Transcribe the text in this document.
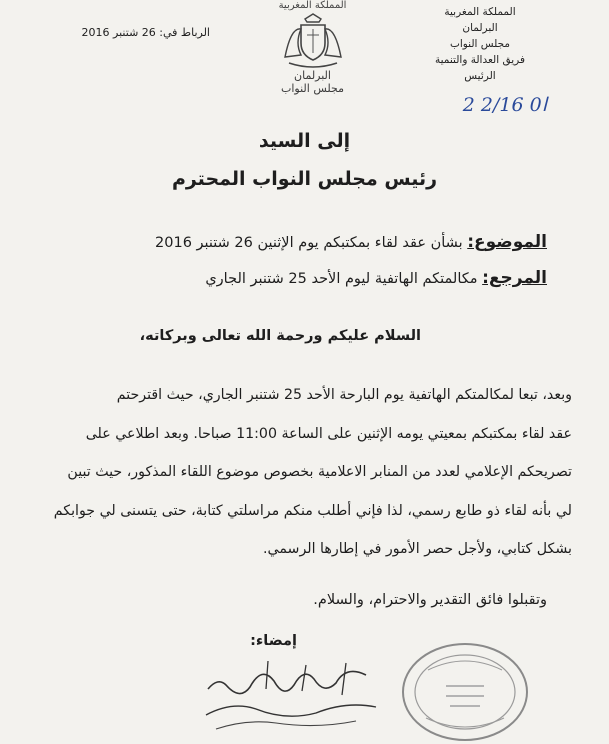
الرباط في: 26 شتنبر 2016
المملكة المغربية
البرلمان
مجلس النواب
المملكة المغربية
البرلمان
مجلس النواب
فريق العدالة والتنمية
الرئيس
2 ا0 2/16
إلى السيد
رئيس مجلس النواب المحترم
الموضوع: بشأن عقد لقاء بمكتبكم يوم الإثنين 26 شتنبر 2016
المرجع: مكالمتكم الهاتفية ليوم الأحد 25 شتنبر الجاري
السلام عليكم ورحمة الله تعالى وبركاته،
وبعد، تبعا لمكالمتكم الهاتفية يوم البارحة الأحد 25 شتنبر الجاري، حيث اقترحتم
عقد لقاء بمكتبكم بمعيتي يومه الإثنين على الساعة 11:00 صباحا. وبعد اطلاعي على
تصريحكم الإعلامي لعدد من المنابر الاعلامية بخصوص موضوع اللقاء المذكور، حيث تبين
لي بأنه لقاء ذو طابع رسمي، لذا فإني أطلب منكم مراسلتي كتابة، حتى يتسنى لي جوابكم
بشكل كتابي، ولأجل حصر الأمور في إطارها الرسمي.
وتقبلوا فائق التقدير والاحترام، والسلام.
إمضاء:
